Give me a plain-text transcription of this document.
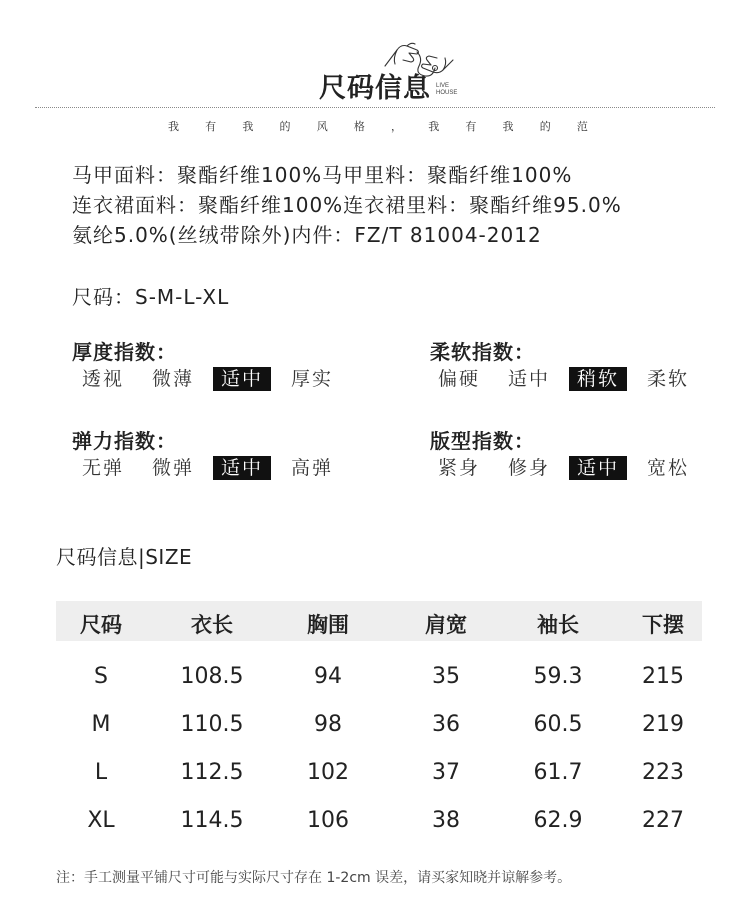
尺码信息 LIVE
HOUSE
我 有 我 的 风 格 ， 我 有 我 的 范
马甲面料：聚酯纤维100%马甲里料：聚酯纤维100%
连衣裙面料：聚酯纤维100%连衣裙里料：聚酯纤维95.0%
氨纶5.0%(丝绒带除外)内件：FZ/T 81004-2012
尺码：S-M-L-XL
厚度指数：
透视	微薄	适中	厚实
柔软指数：
偏硬	适中	稍软	柔软
弹力指数：
无弹	微弹	适中	高弹
版型指数：
紧身	修身	适中	宽松
尺码信息|SIZE
尺码	衣长	胸围	肩宽	袖长	下摆
S	108.5	94	35	59.3	215
M	110.5	98	36	60.5	219
L	112.5	102	37	61.7	223
XL	114.5	106	38	62.9	227
注：手工测量平铺尺寸可能与实际尺寸存在 1-2cm 误差，请买家知晓并谅解参考。
